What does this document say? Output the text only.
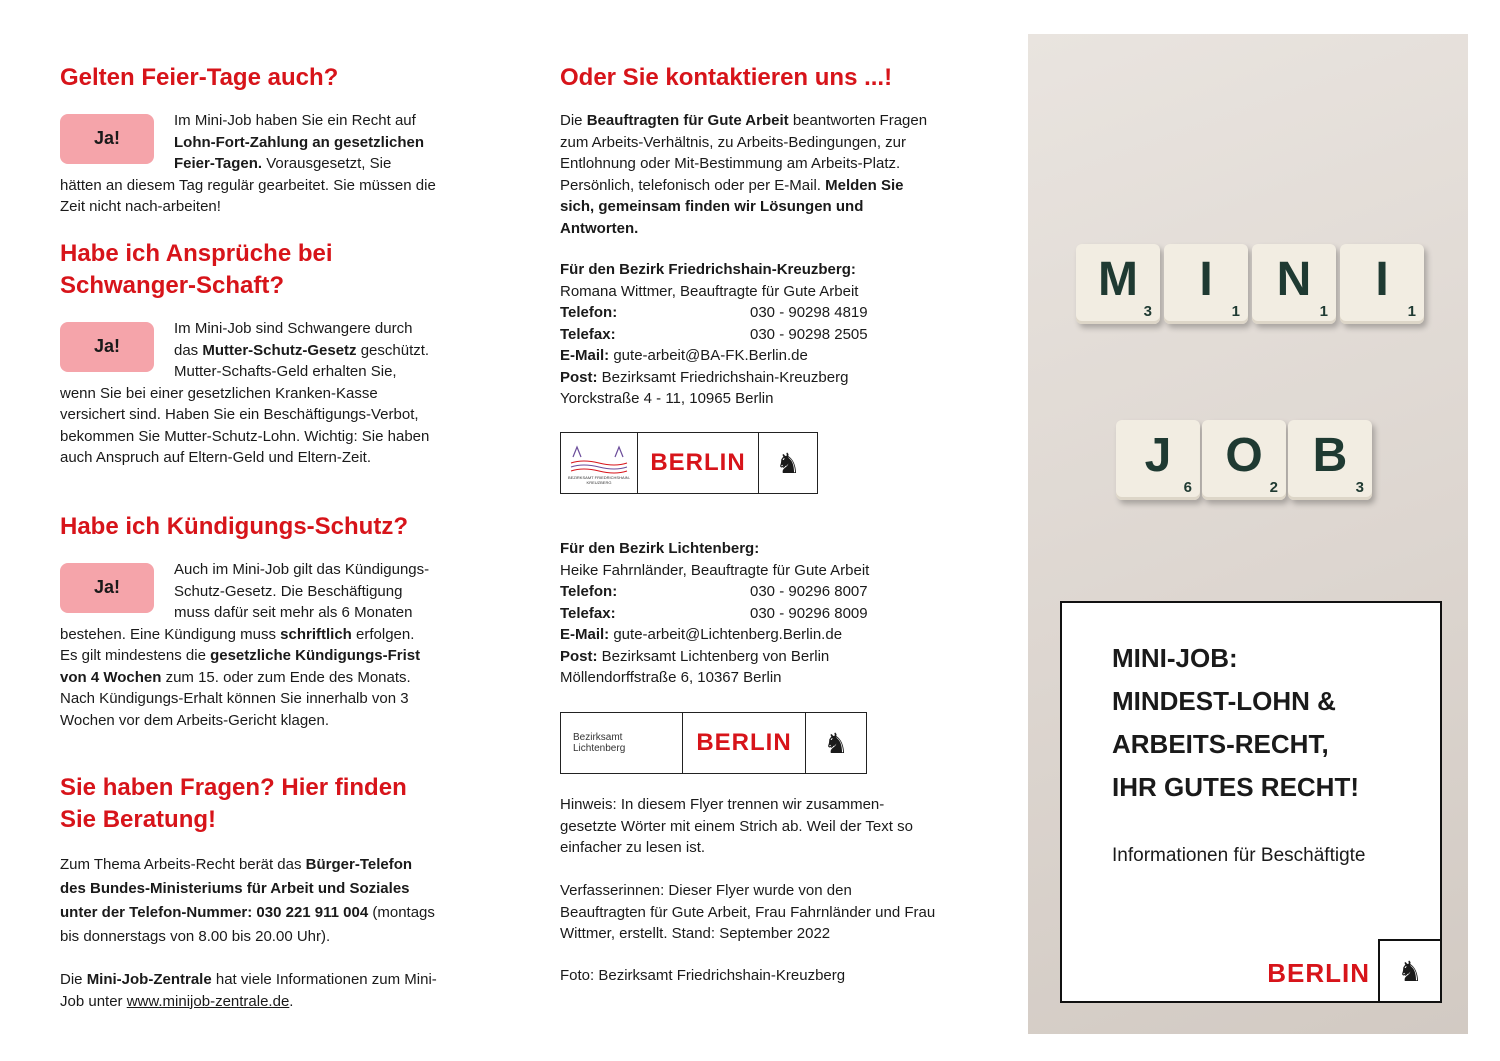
Gelten Feier-Tage auch?
Ja!
Im Mini-Job haben Sie ein Recht auf Lohn-Fort-Zahlung an gesetzlichen Feier-Tagen. Vorausgesetzt, Sie hätten an diesem Tag regulär gearbeitet. Sie müssen die Zeit nicht nach-arbeiten!
Habe ich Ansprüche bei Schwanger-Schaft?
Ja!
Im Mini-Job sind Schwangere durch das Mutter-Schutz-Gesetz geschützt. Mutter-Schafts-Geld erhalten Sie, wenn Sie bei einer gesetzlichen Kranken-Kasse versichert sind. Haben Sie ein Beschäftigungs-Verbot, bekommen Sie Mutter-Schutz-Lohn. Wichtig: Sie haben auch Anspruch auf Eltern-Geld und Eltern-Zeit.
Habe ich Kündigungs-Schutz?
Ja!
Auch im Mini-Job gilt das Kündigungs-Schutz-Gesetz. Die Beschäftigung muss dafür seit mehr als 6 Monaten bestehen. Eine Kündigung muss schriftlich erfolgen. Es gilt mindestens die gesetzliche Kündigungs-Frist von 4 Wochen zum 15. oder zum Ende des Monats. Nach Kündigungs-Erhalt können Sie innerhalb von 3 Wochen vor dem Arbeits-Gericht klagen.
Sie haben Fragen? Hier finden Sie Beratung!
Zum Thema Arbeits-Recht berät das Bürger-Telefon des Bundes-Ministeriums für Arbeit und Soziales unter der Telefon-Nummer: 030 221 911 004 (montags bis donnerstags von 8.00 bis 20.00 Uhr).
Die Mini-Job-Zentrale hat viele Informationen zum Mini-Job unter www.minijob-zentrale.de.
Oder Sie kontaktieren uns ...!
Die Beauftragten für Gute Arbeit beantworten Fragen zum Arbeits-Verhältnis, zu Arbeits-Bedingungen, zur Entlohnung oder Mit-Bestimmung am Arbeits-Platz. Persönlich, telefonisch oder per E-Mail. Melden Sie sich, gemeinsam finden wir Lösungen und Antworten.
Für den Bezirk Friedrichshain-Kreuzberg:
Romana Wittmer, Beauftragte für Gute Arbeit
Telefon:	030 - 90298 4819
Telefax:	030 - 90298 2505
E-Mail: gute-arbeit@BA-FK.Berlin.de
Post: Bezirksamt Friedrichshain-Kreuzberg
Yorckstraße 4 - 11, 10965 Berlin
BEZIRKSAMT FRIEDRICHSHAIN-KREUZBERG
BERLIN ♞
Für den Bezirk Lichtenberg:
Heike Fahrnländer, Beauftragte für Gute Arbeit
Telefon:	030 - 90296 8007
Telefax:	030 - 90296 8009
E-Mail: gute-arbeit@Lichtenberg.Berlin.de
Post: Bezirksamt Lichtenberg von Berlin
Möllendorffstraße 6, 10367 Berlin
Bezirksamt
Lichtenberg	BERLIN ♞
Hinweis: In diesem Flyer trennen wir zusammen-gesetzte Wörter mit einem Strich ab. Weil der Text so einfacher zu lesen ist.
Verfasserinnen: Dieser Flyer wurde von den Beauftragten für Gute Arbeit, Frau Fahrnländer und Frau Wittmer, erstellt. Stand: September 2022
Foto: Bezirksamt Friedrichshain-Kreuzberg
M
3
I
1
N
1
I
1
J
6
O
2
B
3
MINI-JOB:
MINDEST-LOHN &
ARBEITS-RECHT,
IHR GUTES RECHT!
Informationen für Beschäftigte
BERLIN ♞
